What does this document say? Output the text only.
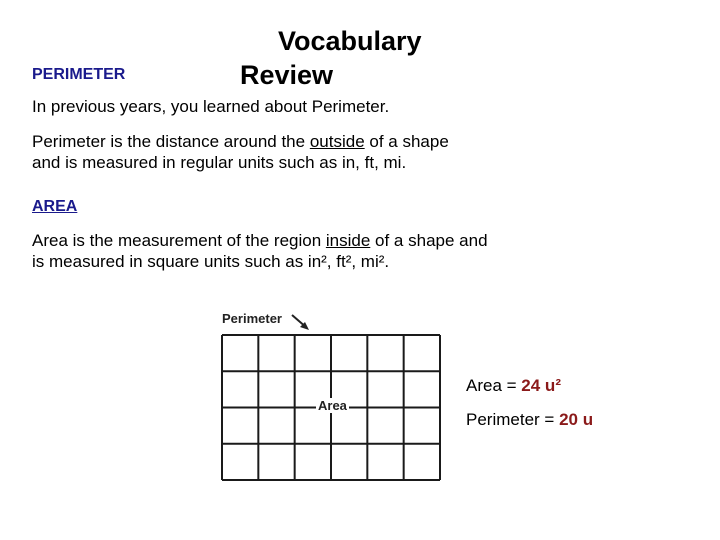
Vocabulary
Review
PERIMETER
In previous years, you learned about Perimeter.
Perimeter is the distance around the outside of a shape
and is measured in regular units such as in, ft, mi.
AREA
Area is the measurement of the region inside of a shape and
is measured in square units such as in², ft², mi².
Perimeter
Area
Area = 24 u²
Perimeter = 20 u
